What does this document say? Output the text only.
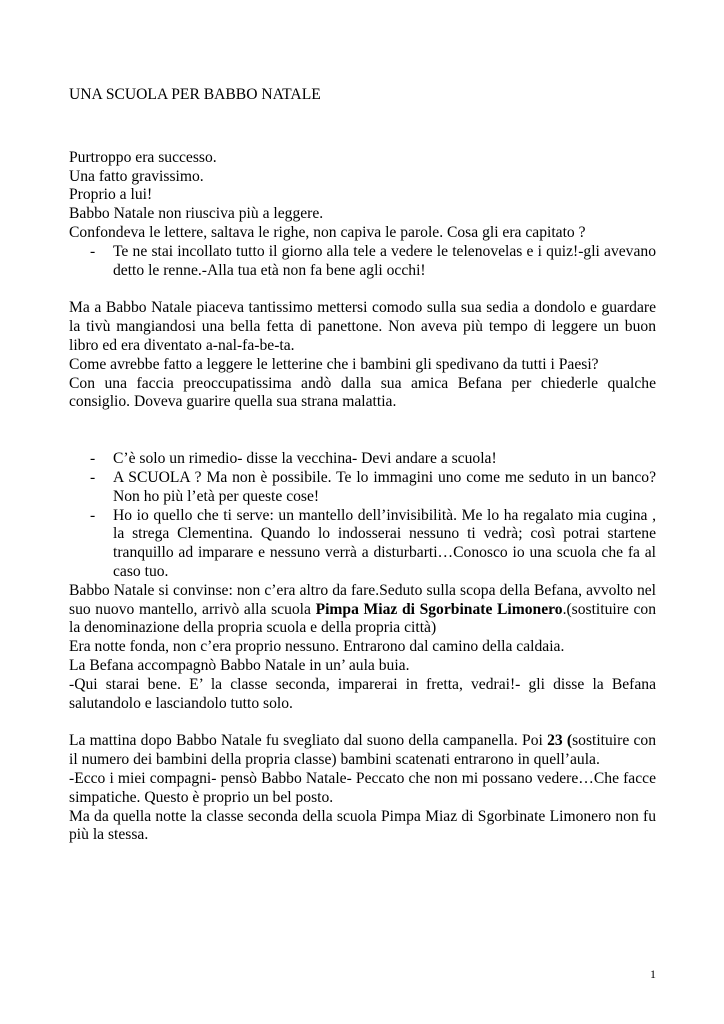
UNA SCUOLA PER BABBO NATALE

Purtroppo era successo.

Una fatto gravissimo.

Proprio a lui!

Babbo Natale non riusciva più a leggere.

Confondeva le lettere, saltava le righe, non capiva le parole. Cosa gli era capitato ?

-	Te ne stai incollato tutto il giorno alla tele a vedere le telenovelas e i quiz!-gli avevano detto le renne.-Alla tua età non fa bene agli occhi!

Ma a Babbo Natale piaceva tantissimo mettersi comodo sulla sua sedia a dondolo e guardare la tivù mangiandosi una bella fetta di panettone. Non aveva più tempo di leggere un buon libro ed era diventato a-nal-fa-be-ta.

Come avrebbe fatto a leggere le letterine che i bambini gli spedivano da tutti i Paesi?

Con una faccia preoccupatissima andò dalla sua amica Befana per chiederle qualche consiglio. Doveva guarire quella sua strana malattia.

-	C’è solo un rimedio- disse la vecchina- Devi andare a scuola!
-	A SCUOLA ? Ma non è possibile. Te lo immagini uno come me seduto in un banco? Non ho più l’età per queste cose!
-	Ho io quello che ti serve: un mantello dell’invisibilità. Me lo ha regalato mia cugina , la strega Clementina. Quando lo indosserai nessuno ti vedrà; così potrai startene tranquillo ad imparare e nessuno verrà a disturbarti…Conosco io una scuola che fa al caso tuo.

Babbo Natale si convinse: non c’era altro da fare.Seduto sulla scopa della Befana, avvolto nel suo nuovo mantello, arrivò alla scuola Pimpa Miaz di Sgorbinate Limonero.(sostituire con la denominazione della propria scuola e della propria città)

Era notte fonda, non c’era proprio nessuno. Entrarono dal camino della caldaia.

La Befana accompagnò Babbo Natale in un’ aula buia.

-Qui starai bene. E’ la classe seconda, imparerai in fretta, vedrai!- gli disse la Befana salutandolo e lasciandolo tutto solo.

La mattina dopo Babbo Natale fu svegliato dal suono della campanella. Poi 23 (sostituire con il numero dei bambini della propria classe) bambini scatenati entrarono in quell’aula.

-Ecco i miei compagni- pensò Babbo Natale- Peccato che non mi possano vedere…Che facce simpatiche. Questo è proprio un bel posto.

Ma da quella notte la classe seconda della scuola Pimpa Miaz di Sgorbinate Limonero non fu più la stessa.

1
